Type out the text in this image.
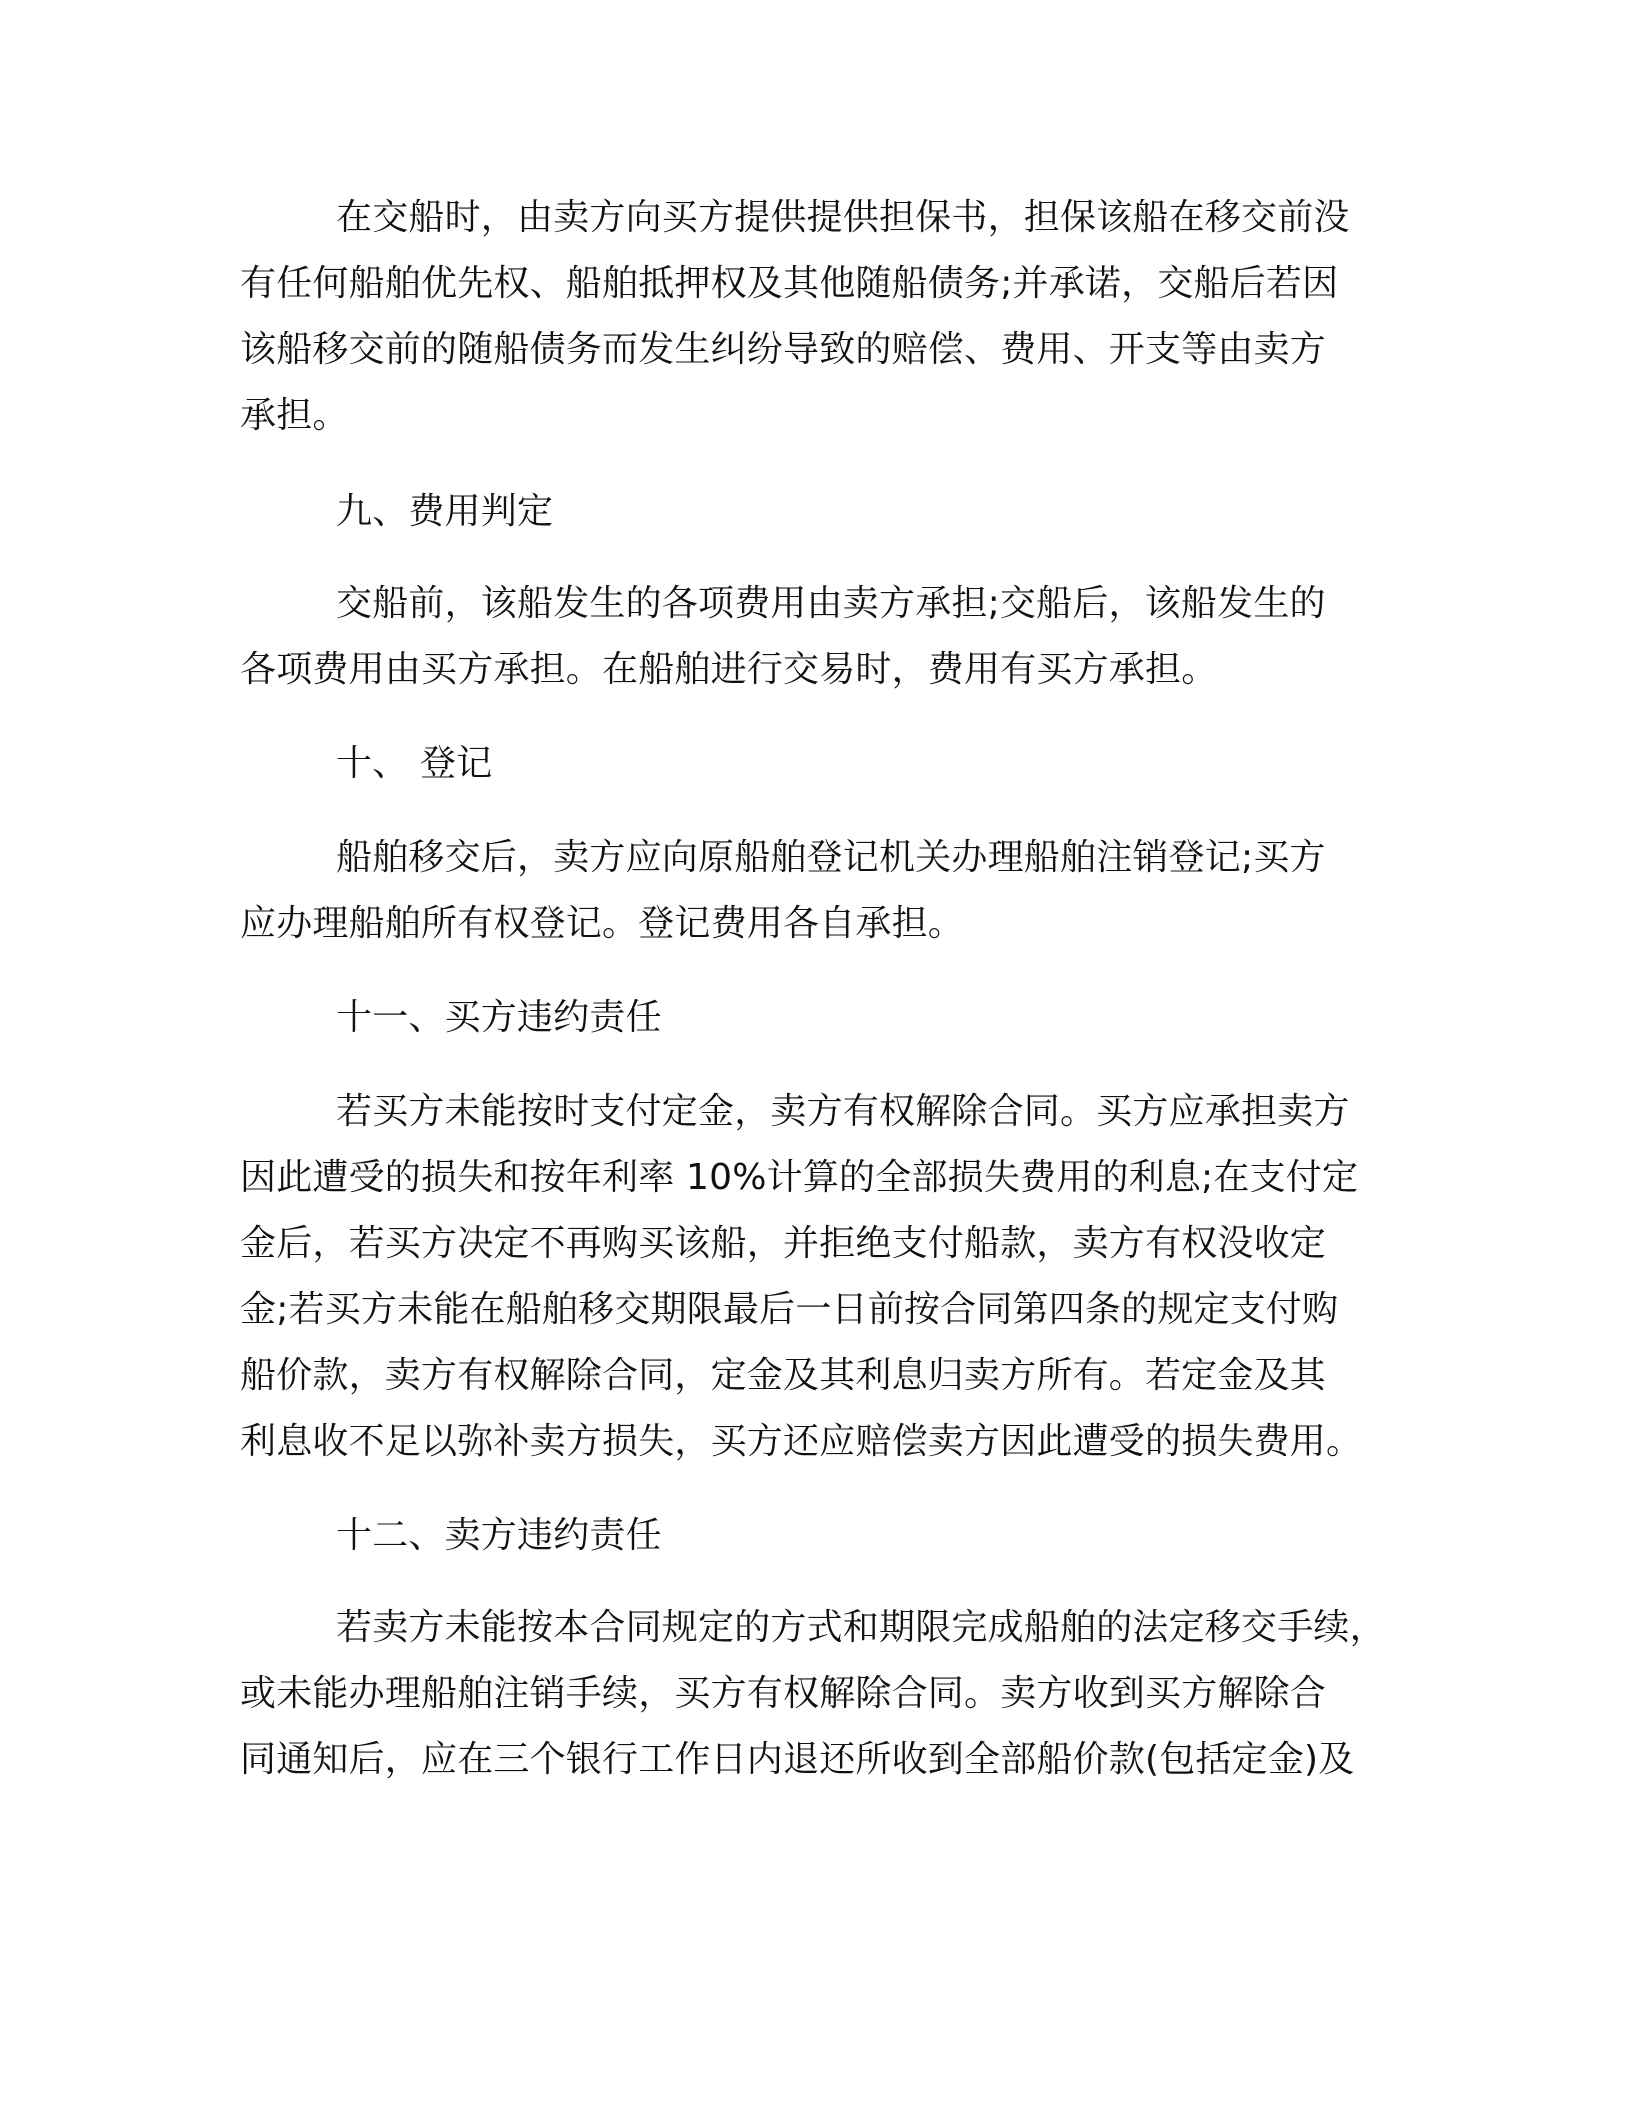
在交船时，由卖方向买方提供提供担保书，担保该船在移交前没
有任何船舶优先权、船舶抵押权及其他随船债务;并承诺，交船后若因
该船移交前的随船债务而发生纠纷导致的赔偿、费用、开支等由卖方
承担。
九、费用判定
交船前，该船发生的各项费用由卖方承担;交船后，该船发生的
各项费用由买方承担。在船舶进行交易时，费用有买方承担。
十、 登记
船舶移交后，卖方应向原船舶登记机关办理船舶注销登记;买方
应办理船舶所有权登记。登记费用各自承担。
十一、买方违约责任
若买方未能按时支付定金，卖方有权解除合同。买方应承担卖方
因此遭受的损失和按年利率 10%计算的全部损失费用的利息;在支付定
金后，若买方决定不再购买该船，并拒绝支付船款，卖方有权没收定
金;若买方未能在船舶移交期限最后一日前按合同第四条的规定支付购
船价款，卖方有权解除合同，定金及其利息归卖方所有。若定金及其
利息收不足以弥补卖方损失，买方还应赔偿卖方因此遭受的损失费用。
十二、卖方违约责任
若卖方未能按本合同规定的方式和期限完成船舶的法定移交手续，
或未能办理船舶注销手续，买方有权解除合同。卖方收到买方解除合
同通知后，应在三个银行工作日内退还所收到全部船价款(包括定金)及
